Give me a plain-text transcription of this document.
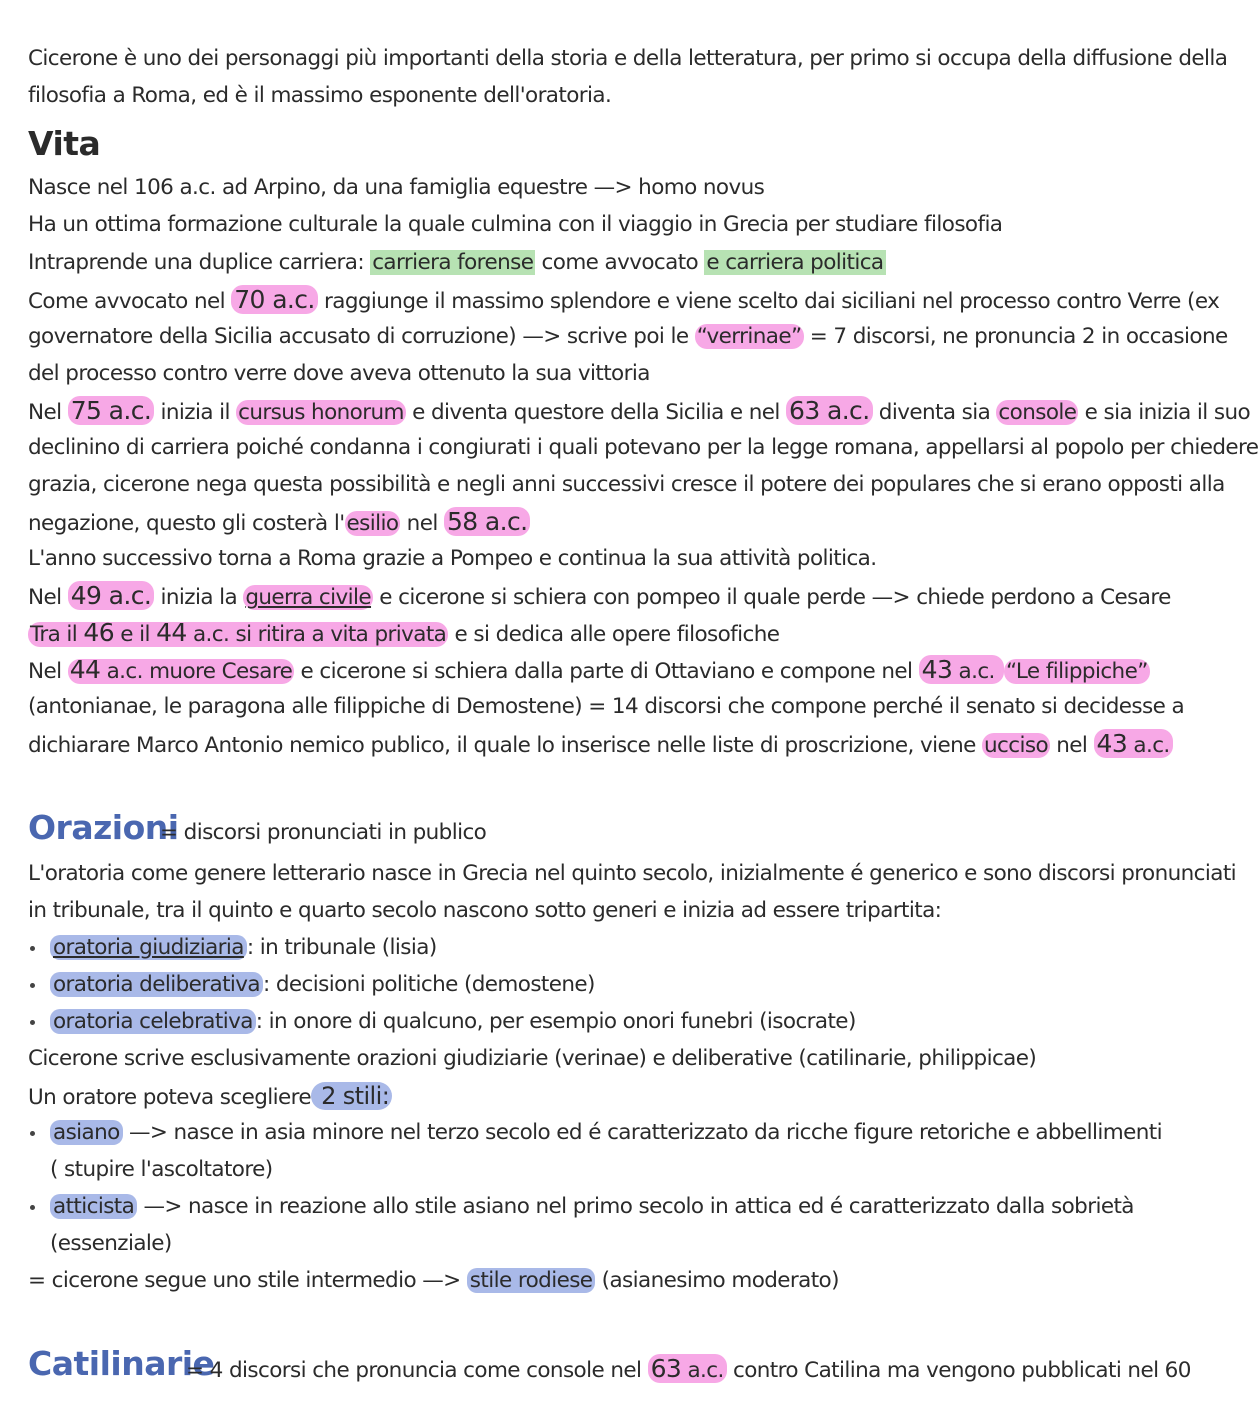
Cicerone è uno dei personaggi più importanti della storia e della letteratura, per primo si occupa della diffusione della
filosofia a Roma, ed è il massimo esponente dell'oratoria.
Vita
Nasce nel 106 a.c. ad Arpino, da una famiglia equestre —> homo novus
Ha un ottima formazione culturale la quale culmina con il viaggio in Grecia per studiare filosofia
Intraprende una duplice carriera: carriera forense come avvocato e carriera politica
Come avvocato nel 70 a.c. raggiunge il massimo splendore e viene scelto dai siciliani nel processo contro Verre (ex
governatore della Sicilia accusato di corruzione) —> scrive poi le “verrinae” = 7 discorsi, ne pronuncia 2 in occasione
del processo contro verre dove aveva ottenuto la sua vittoria
Nel 75 a.c. inizia il cursus honorum e diventa questore della Sicilia e nel 63 a.c. diventa sia console e sia inizia il suo
declinino di carriera poiché condanna i congiurati i quali potevano per la legge romana, appellarsi al popolo per chiedere
grazia, cicerone nega questa possibilità e negli anni successivi cresce il potere dei populares che si erano opposti alla
negazione, questo gli costerà l'esilio nel 58 a.c.
L'anno successivo torna a Roma grazie a Pompeo e continua la sua attività politica.
Nel 49 a.c. inizia la guerra civile e cicerone si schiera con pompeo il quale perde —> chiede perdono a Cesare
Tra il 46 e il 44 a.c. si ritira a vita privata e si dedica alle opere filosofiche
Nel 44 a.c. muore Cesare e cicerone si schiera dalla parte di Ottaviano e compone nel 43 a.c. “Le filippiche”
(antonianae, le paragona alle filippiche di Demostene) = 14 discorsi che compone perché il senato si decidesse a
dichiarare Marco Antonio nemico publico, il quale lo inserisce nelle liste di proscrizione, viene ucciso nel 43 a.c.
Orazioni
= discorsi pronunciati in publico
L'oratoria come genere letterario nasce in Grecia nel quinto secolo, inizialmente é generico e sono discorsi pronunciati
in tribunale, tra il quinto e quarto secolo nascono sotto generi e inizia ad essere tripartita:
oratoria giudiziaria : in tribunale (lisia)
oratoria deliberativa : decisioni politiche (demostene)
oratoria celebrativa : in onore di qualcuno, per esempio onori funebri (isocrate)
Cicerone scrive esclusivamente orazioni giudiziarie (verinae) e deliberative (catilinarie, philippicae)
Un oratore poteva scegliere 2 stili:
asiano —> nasce in asia minore nel terzo secolo ed é caratterizzato da ricche figure retoriche e abbellimenti
( stupire l'ascoltatore)
atticista —> nasce in reazione allo stile asiano nel primo secolo in attica ed é caratterizzato dalla sobrietà
(essenziale)
= cicerone segue uno stile intermedio —> stile rodiese (asianesimo moderato)
Catilinarie
= 4 discorsi che pronuncia come console nel 63 a.c. contro Catilina ma vengono pubblicati nel 60
